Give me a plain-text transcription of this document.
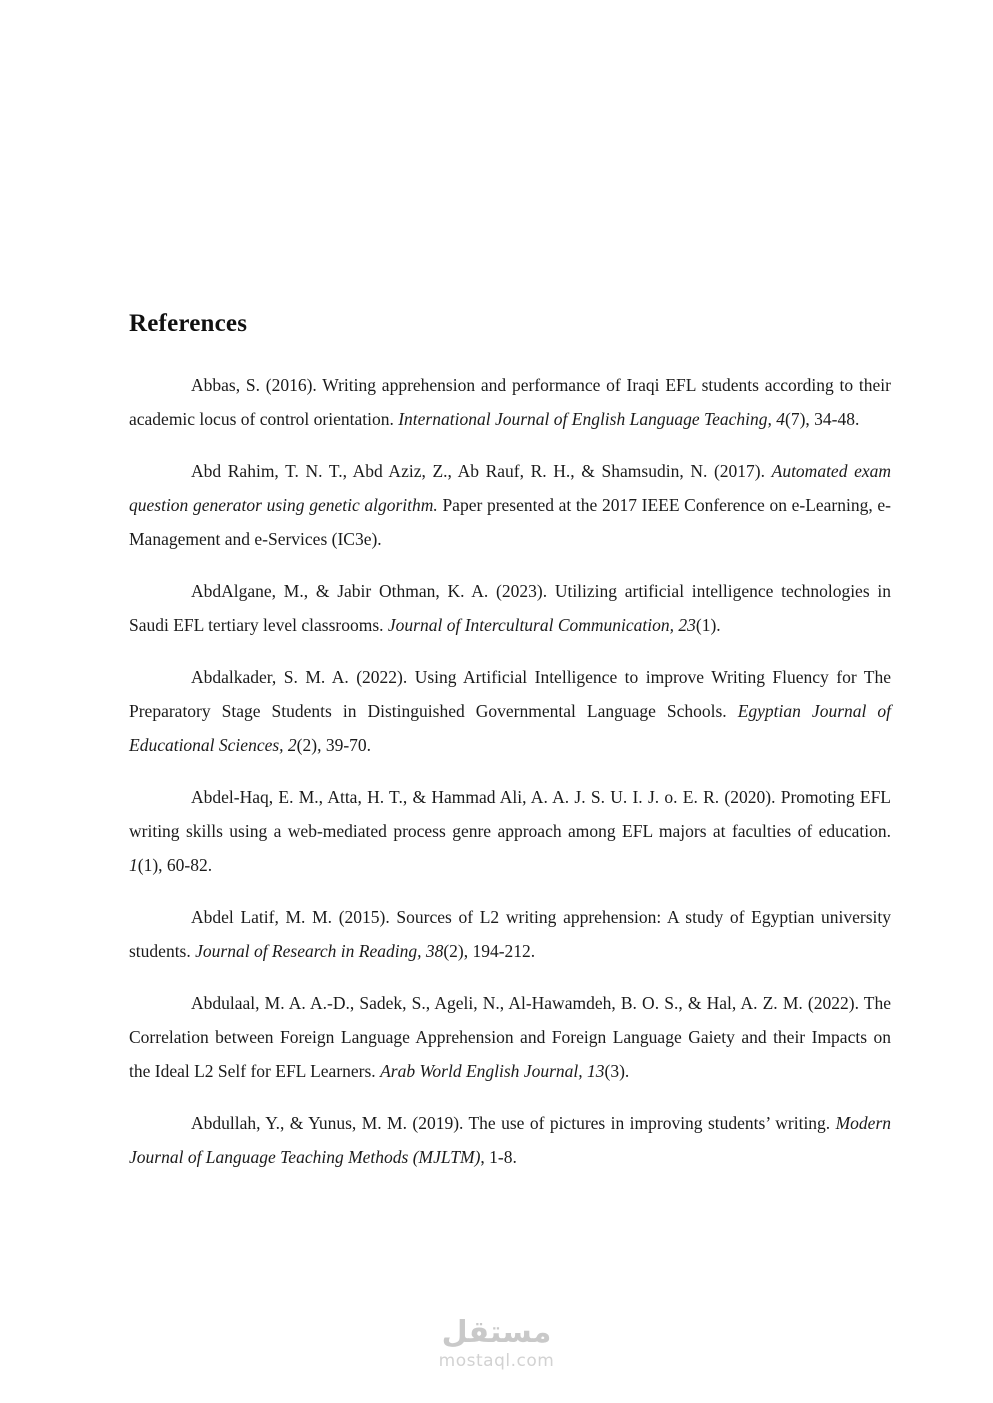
References

Abbas, S. (2016). Writing apprehension and performance of Iraqi EFL students according to their academic locus of control orientation. International Journal of English Language Teaching, 4(7), 34-48.

Abd Rahim, T. N. T., Abd Aziz, Z., Ab Rauf, R. H., & Shamsudin, N. (2017). Automated exam question generator using genetic algorithm. Paper presented at the 2017 IEEE Conference on e-Learning, e-Management and e-Services (IC3e).

AbdAlgane, M., & Jabir Othman, K. A. (2023). Utilizing artificial intelligence technologies in Saudi EFL tertiary level classrooms. Journal of Intercultural Communication, 23(1).

Abdalkader, S. M. A. (2022). Using Artificial Intelligence to improve Writing Fluency for The Preparatory Stage Students in Distinguished Governmental Language Schools. Egyptian Journal of Educational Sciences, 2(2), 39-70.

Abdel-Haq, E. M., Atta, H. T., & Hammad Ali, A. A. J. S. U. I. J. o. E. R. (2020). Promoting EFL writing skills using a web-mediated process genre approach among EFL majors at faculties of education. 1(1), 60-82.

Abdel Latif, M. M. (2015). Sources of L2 writing apprehension: A study of Egyptian university students. Journal of Research in Reading, 38(2), 194-212.

Abdulaal, M. A. A.-D., Sadek, S., Ageli, N., Al-Hawamdeh, B. O. S., & Hal, A. Z. M. (2022). The Correlation between Foreign Language Apprehension and Foreign Language Gaiety and their Impacts on the Ideal L2 Self for EFL Learners. Arab World English Journal, 13(3).

Abdullah, Y., & Yunus, M. M. (2019). The use of pictures in improving students’ writing. Modern Journal of Language Teaching Methods (MJLTM), 1-8.

مستقل
mostaql.com
